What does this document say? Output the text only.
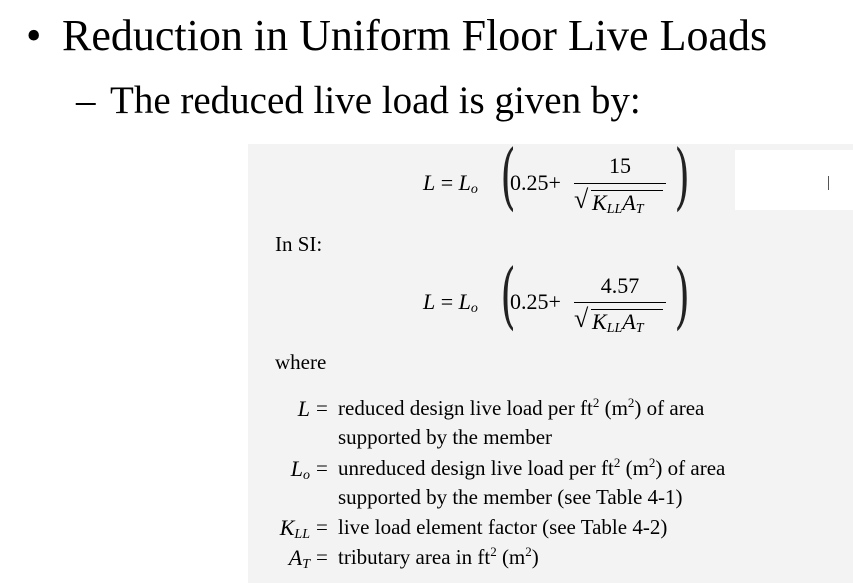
• Reduction in Uniform Floor Live Loads
– The reduced live load is given by:
$L = L_o$ (
0.25+
15
√ $K_{LL}A_T$ )
In SI:
$L = L_o$ (
0.25+
4.57
√ $K_{LL}A_T$ )
where
L = reduced design live load per $ft^2$ $(m^2)$ of area
supported by the member
$L_o$ = unreduced design live load per $ft^2$ $(m^2)$ of area
supported by the member (see Table 4-1)
$K_{LL}$ = live load element factor (see Table 4-2)
$A_T$ = tributary area in $ft^2$ $(m^2)$
